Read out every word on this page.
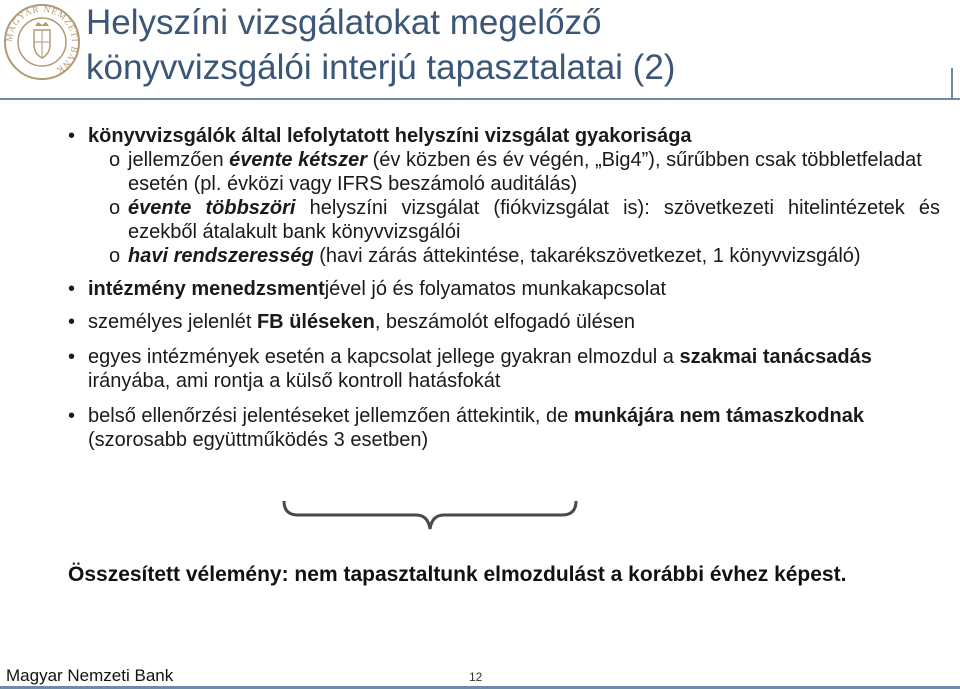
MAGYAR NEMZETI BANK
Helyszíni vizsgálatokat megelőző
könyvvizsgálói interjú tapasztalatai (2)
• könyvvizsgálók által lefolytatott helyszíni vizsgálat gyakorisága
o jellemzően évente kétszer (év közben és év végén, „Big4”), sűrűbben csak többletfeladat esetén (pl. évközi vagy IFRS beszámoló auditálás)
o évente többszöri helyszíni vizsgálat (fiókvizsgálat is): szövetkezeti hitelintézetek és ezekből átalakult bank könyvvizsgálói
o havi rendszeresség (havi zárás áttekintése, takarékszövetkezet, 1 könyvvizsgáló)
• intézmény menedzsmentjével jó és folyamatos munkakapcsolat
• személyes jelenlét FB üléseken, beszámolót elfogadó ülésen
• egyes intézmények esetén a kapcsolat jellege gyakran elmozdul a szakmai tanácsadás irányába, ami rontja a külső kontroll hatásfokát
• belső ellenőrzési jelentéseket jellemzően áttekintik, de munkájára nem támaszkodnak (szorosabb együttműködés 3 esetben)
Összesített vélemény: nem tapasztaltunk elmozdulást a korábbi évhez képest.
Magyar Nemzeti Bank	12
